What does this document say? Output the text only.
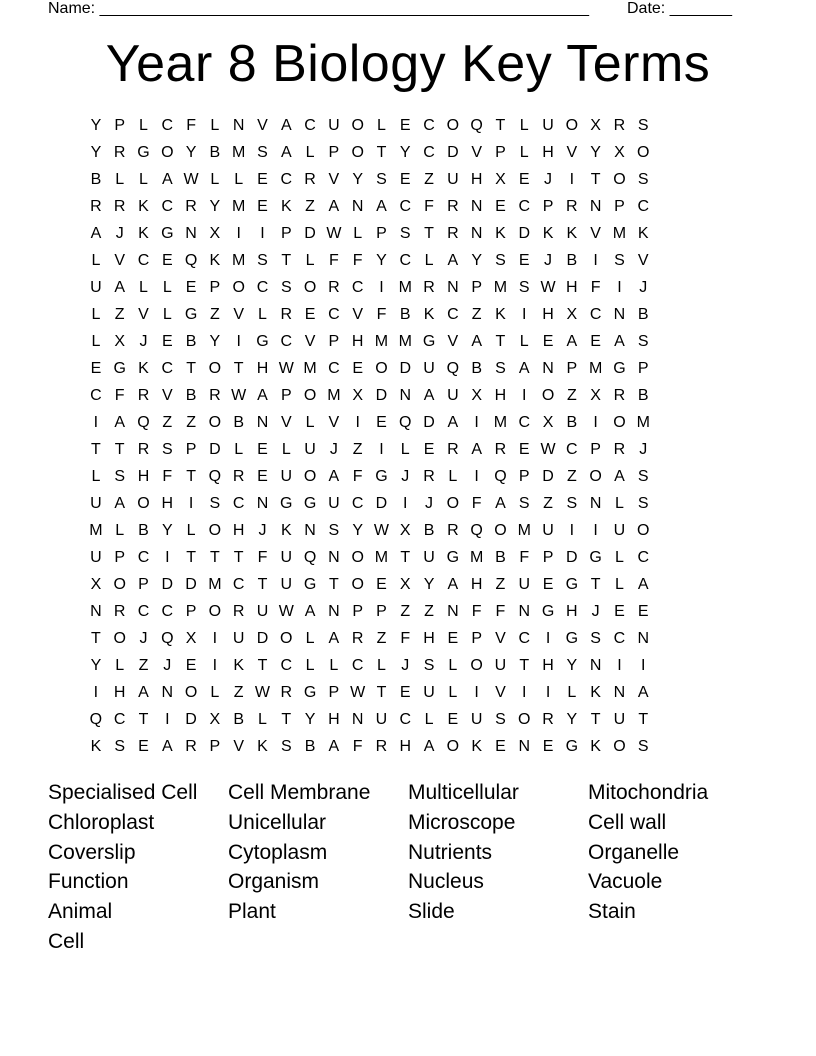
Name: _______________________________________________________ Date: _______
Year 8 Biology Key Terms
Y P L C F L N V A C U O L E C O Q T L U O X R S
Y R G O Y B M S A L P O T Y C D V P L H V Y X O
B L L A W L L E C R V Y S E Z U H X E J	I	T O S
R R K C R Y M E K Z A N A C F R N E C P R N P C
A J K G N X	I	I	P D W L P S T R N K D K K V M K
L V C E Q K M S T L F F Y C L A Y S E J B	I	S V
U A L L E P O C S O R C I M R N P M S W H F	I	J
L Z V L G Z V L R E C V F B K C Z K	I H X C N B
L X J E B Y	I G C V P H M M G V A T L E A E A S
E G K C T O T H W M C E O D U Q B S A N P M G P
C F R V B R W A P O M X D N A U X H I O Z X R B
I	A Q Z Z O B N V L V	I	E Q D A	I M C X B	I O M
T T R S P D L E L U J Z	I	L E R A R E W C P R J
L S H F T Q R E U O A F G J R L	I Q P D Z O A S
U A O H I	S C N G G U C D I	J O F A S Z S N L S
M L B Y L O H J K N S Y W X B R Q O M U I	I U O
U P C I	T T T F U Q N O M T U G M B F P D G L C
X O P D D M C T U G T O E X Y A H Z U E G T L A
N R C C P O R U W A N P P Z Z N F F N G H J E E
T O J Q X	I U D O L A R Z F H E P V C I G S C N
Y L Z J E	I	K T C L L C L J S L O U T H Y N I	I
I H A N O L Z W R G P W T E U L	I	V	I	I	L K N A
Q C T	I D X B L T Y H N U C L E U S O R Y T U T
K S E A R P V K S B A F R H A O K E N E G K O S
Specialised Cell	Cell Membrane	Multicellular	Mitochondria
Chloroplast	Unicellular	Microscope	Cell wall
Coverslip	Cytoplasm	Nutrients	Organelle
Function	Organism	Nucleus	Vacuole
Animal	Plant	Slide	Stain
Cell
